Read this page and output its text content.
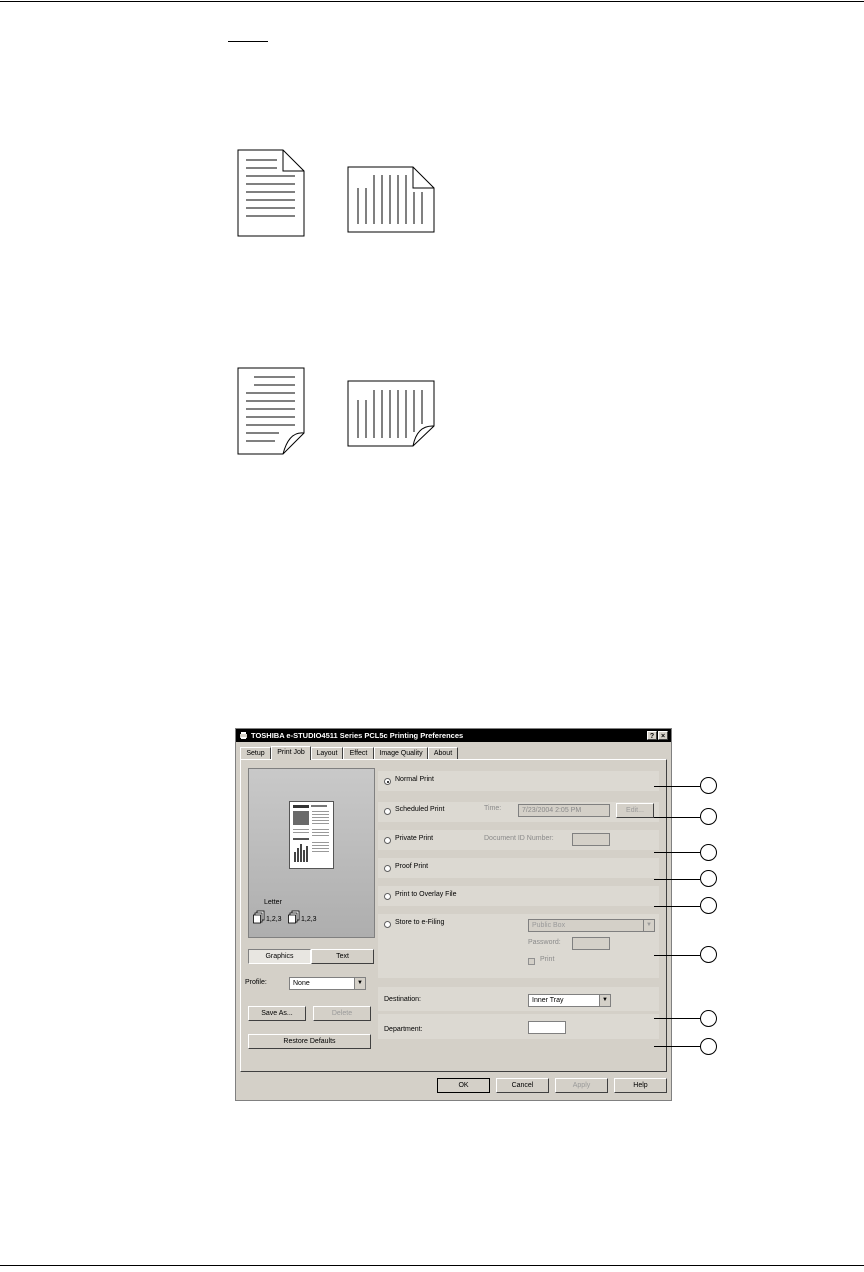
TOSHIBA e-STUDIO4511 Series PCL5c Printing Preferences	? ×
Setup	Print Job	Layout	Effect	Image Quality	About
Letter
1,2,3	1,2,3
Graphics	Text
Profile:	None	▼
Save As...	Delete
Restore Defaults
Normal Print
Scheduled Print	Time:	7/23/2004 2:05 PM	Edit...
Private Print	Document ID Number:
Proof Print
Print to Overlay File
Store to e-Filing	Public Box	▼
Password:
Print
Destination:	Inner Tray	▼
Department:
OK	Cancel	Apply	Help
